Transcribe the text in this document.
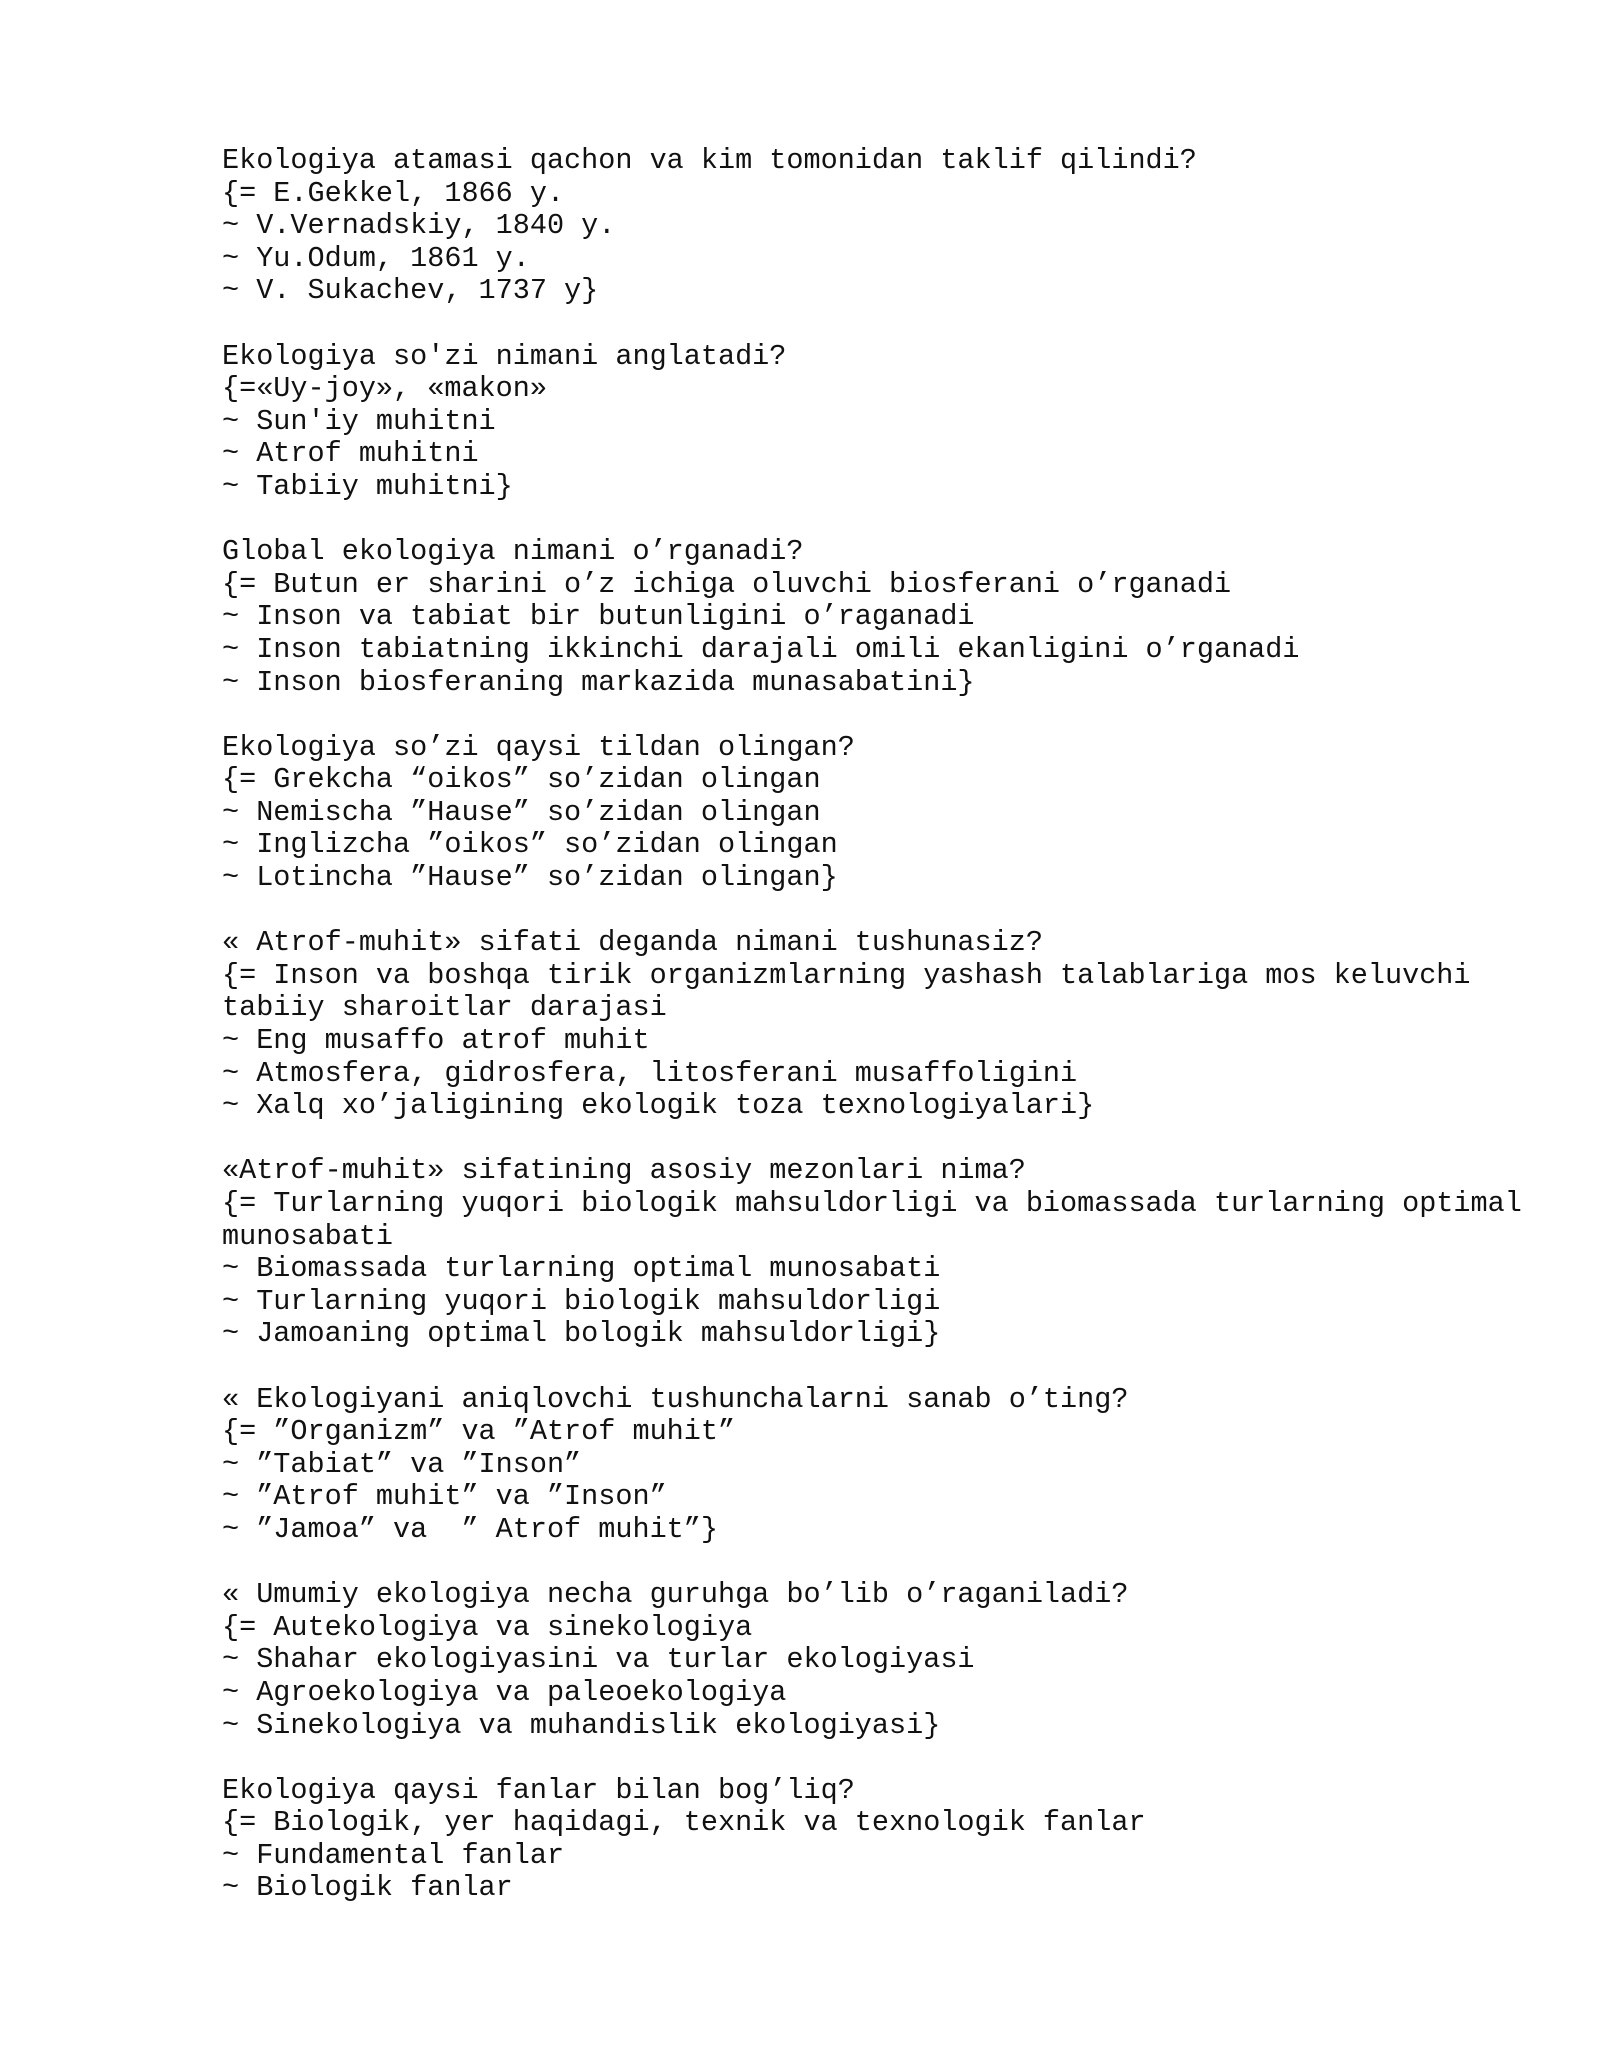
Ekologiya atamasi qachon va kim tomonidan taklif qilindi?
{= E.Gekkel, 1866 y.
~ V.Vernadskiy, 1840 y.
~ Yu.Odum, 1861 y.
~ V. Sukachev, 1737 y}
Ekologiya so'zi nimani anglatadi?
{=«Uy-joy», «makon»
~ Sun'iy muhitni
~ Atrof muhitni
~ Tabiiy muhitni}
Global ekologiya nimani o’rganadi?
{= Butun er sharini o’z ichiga oluvchi biosferani o’rganadi
~ Inson va tabiat bir butunligini o’raganadi
~ Inson tabiatning ikkinchi darajali omili ekanligini o’rganadi
~ Inson biosferaning markazida munasabatini}
Ekologiya so’zi qaysi tildan olingan?
{= Grekcha “oikos” so’zidan olingan
~ Nemischa ”Hause” so’zidan olingan
~ Inglizcha ”oikos” so’zidan olingan
~ Lotincha ”Hause” so’zidan olingan}
« Atrof-muhit» sifati deganda nimani tushunasiz?
{= Inson va boshqa tirik organizmlarning yashash talablariga mos keluvchi tabiiy sharoitlar darajasi
~ Eng musaffo atrof muhit
~ Atmosfera, gidrosfera, litosferani musaffoligini
~ Xalq xo’jaligining ekologik toza texnologiyalari}
«Atrof-muhit» sifatining asosiy mezonlari nima?
{= Turlarning yuqori biologik mahsuldorligi va biomassada turlarning optimal munosabati
~ Biomassada turlarning optimal munosabati
~ Turlarning yuqori biologik mahsuldorligi
~ Jamoaning optimal bologik mahsuldorligi}
« Ekologiyani aniqlovchi tushunchalarni sanab o’ting?
{= ”Organizm” va ”Atrof muhit”
~ ”Tabiat” va ”Inson”
~ ”Atrof muhit” va ”Inson”
~ ”Jamoa” va  ” Atrof muhit”}
« Umumiy ekologiya necha guruhga bo’lib o’raganiladi?
{= Autekologiya va sinekologiya
~ Shahar ekologiyasini va turlar ekologiyasi
~ Agroekologiya va paleoekologiya
~ Sinekologiya va muhandislik ekologiyasi}
Ekologiya qaysi fanlar bilan bog’liq?
{= Biologik, yer haqidagi, texnik va texnologik fanlar
~ Fundamental fanlar
~ Biologik fanlar
